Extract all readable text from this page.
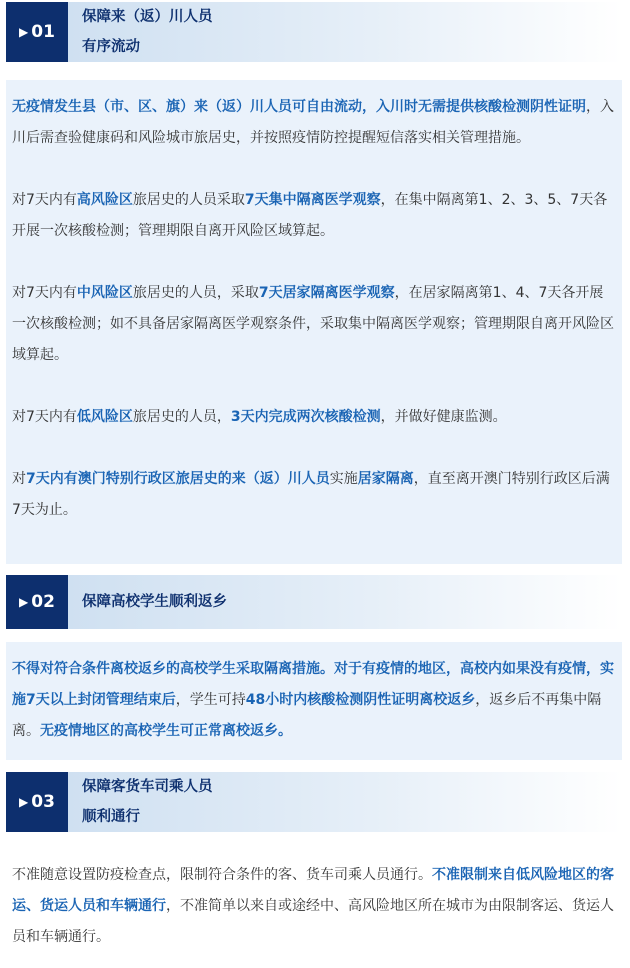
▶ 01
保障来（返）川人员
有序流动

无疫情发生县（市、区、旗）来（返）川人员可自由流动，入川时无需提供核酸检测阴性证明，入川后需查验健康码和风险城市旅居史，并按照疫情防控提醒短信落实相关管理措施。

对7天内有高风险区旅居史的人员采取7天集中隔离医学观察，在集中隔离第1、2、3、5、7天各开展一次核酸检测；管理期限自离开风险区域算起。

对7天内有中风险区旅居史的人员，采取7天居家隔离医学观察，在居家隔离第1、4、7天各开展一次核酸检测；如不具备居家隔离医学观察条件，采取集中隔离医学观察；管理期限自离开风险区域算起。

对7天内有低风险区旅居史的人员，3天内完成两次核酸检测，并做好健康监测。

对7天内有澳门特别行政区旅居史的来（返）川人员实施居家隔离，直至离开澳门特别行政区后满7天为止。

▶ 02 保障高校学生顺利返乡

不得对符合条件离校返乡的高校学生采取隔离措施。对于有疫情的地区，高校内如果没有疫情，实施7天以上封闭管理结束后，学生可持48小时内核酸检测阴性证明离校返乡，返乡后不再集中隔离。无疫情地区的高校学生可正常离校返乡。

▶ 03
保障客货车司乘人员
顺利通行

不准随意设置防疫检查点，限制符合条件的客、货车司乘人员通行。不准限制来自低风险地区的客运、货运人员和车辆通行，不准简单以来自或途经中、高风险地区所在城市为由限制客运、货运人员和车辆通行。
